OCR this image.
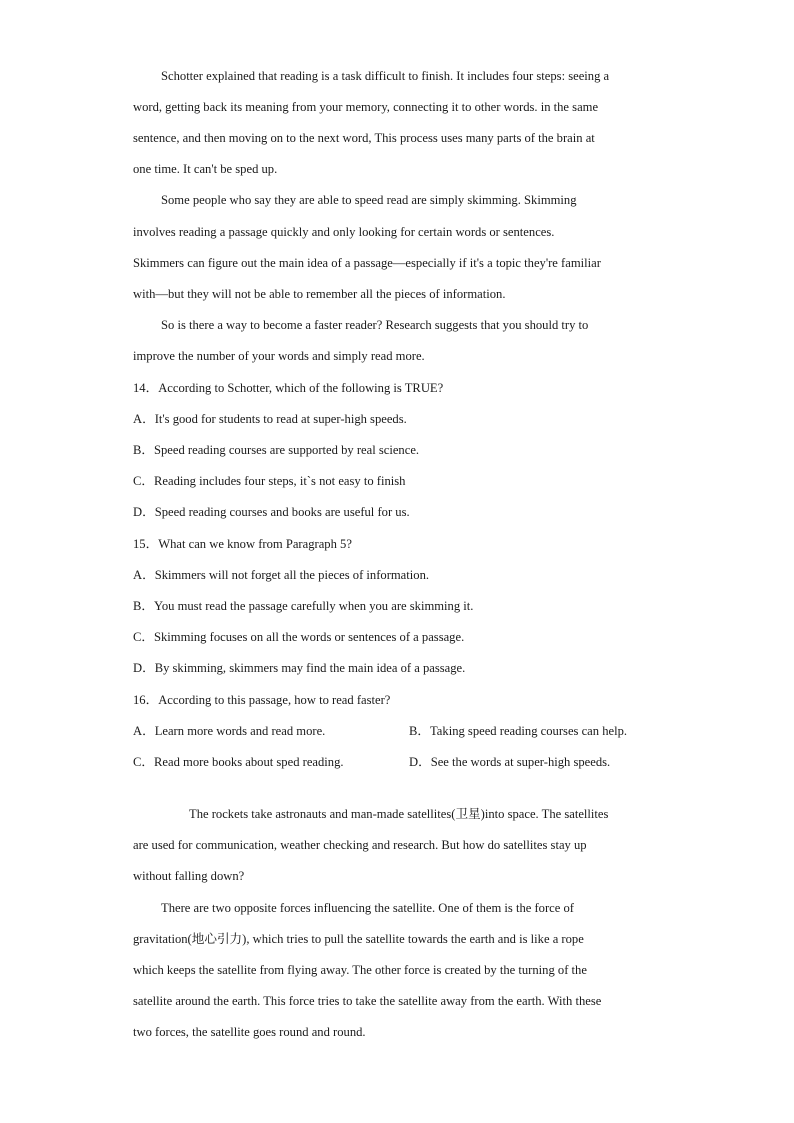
Schotter explained that reading is a task difficult to finish. It includes four steps: seeing a
word, getting back its meaning from your memory, connecting it to other words. in the same
sentence, and then moving on to the next word, This process uses many parts of the brain at
one time. It can't be sped up.
Some people who say they are able to speed read are simply skimming. Skimming
involves reading a passage quickly and only looking for certain words or sentences.
Skimmers can figure out the main idea of a passage—especially if it's a topic they're familiar
with—but they will not be able to remember all the pieces of information.
So is there a way to become a faster reader? Research suggests that you should try to
improve the number of your words and simply read more.
14．According to Schotter, which of the following is TRUE?
A．It's good for students to read at super-high speeds.
B．Speed reading courses are supported by real science.
C．Reading includes four steps, it`s not easy to finish
D．Speed reading courses and books are useful for us.
15．What can we know from Paragraph 5?
A．Skimmers will not forget all the pieces of information.
B．You must read the passage carefully when you are skimming it.
C．Skimming focuses on all the words or sentences of a passage.
D．By skimming, skimmers may find the main idea of a passage.
16．According to this passage, how to read faster?
A．Learn more words and read more.	B．Taking speed reading courses can help.
C．Read more books about sped reading.	D．See the words at super-high speeds.
The rockets take astronauts and man-made satellites(卫星)into space. The satellites
are used for communication, weather checking and research. But how do satellites stay up
without falling down?
There are two opposite forces influencing the satellite. One of them is the force of
gravitation(地心引力), which tries to pull the satellite towards the earth and is like a rope
which keeps the satellite from flying away. The other force is created by the turning of the
satellite around the earth. This force tries to take the satellite away from the earth. With these
two forces, the satellite goes round and round.
